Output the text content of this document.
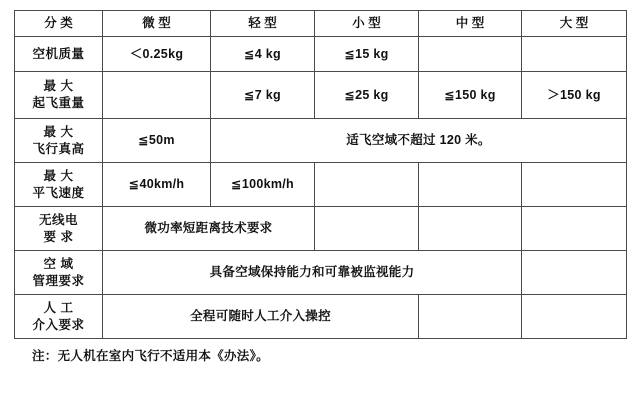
分 类	微 型	轻 型	小 型	中 型	大 型
空机质量	＜0.25kg	≦4 kg	≦15 kg		
最 大
起飞重量		≦7 kg	≦25 kg	≦150 kg	＞150 kg
最 大
飞行真高	≦50m	适飞空域不超过 120 米。			
最 大
平飞速度	≦40km/h	≦100km/h			
无线电
要 求	微功率短距离技术要求				
空 域
管理要求	具备空域保持能力和可靠被监视能力				
人 工
介入要求	全程可随时人工介入操控				
注：无人机在室内飞行不适用本《办法》。
